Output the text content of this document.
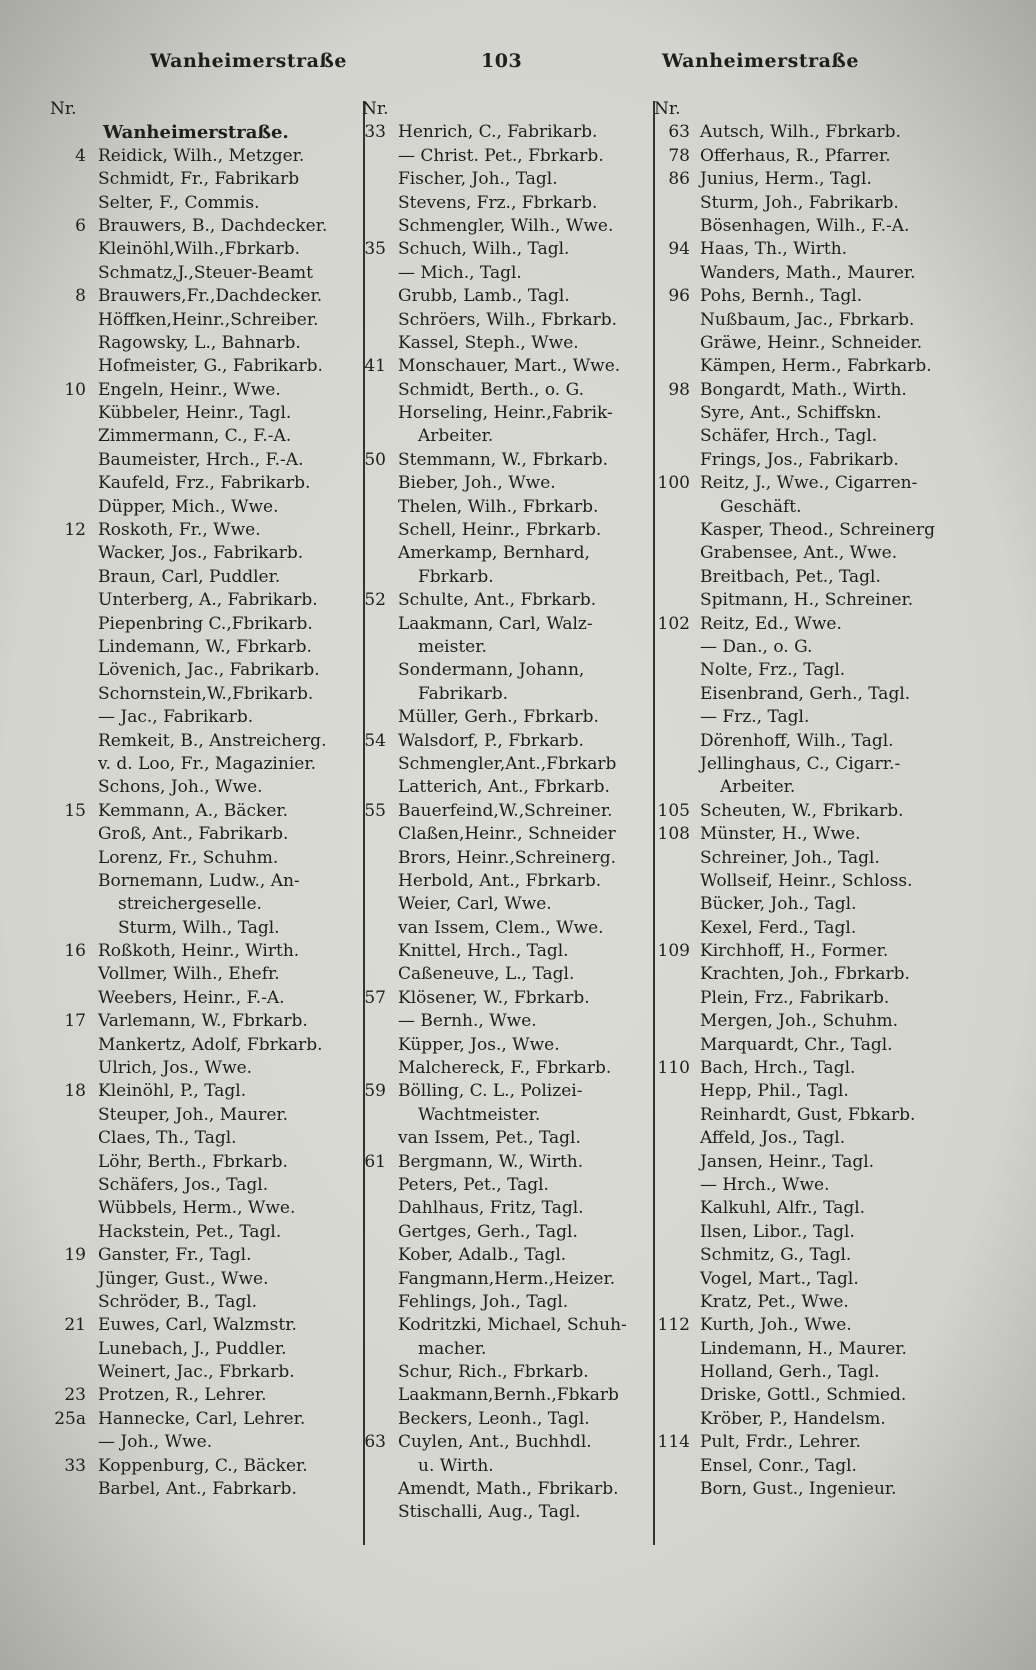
Wanheimerstraße	103	Wanheimerstraße
Nr.
Wanheimerstraße.
4 Reidick, Wilh., Metzger.
Schmidt, Fr., Fabrikarb
Selter, F., Commis.
6 Brauwers, B., Dachdecker.
Kleinöhl,Wilh.,Fbrkarb.
Schmatz,J.,Steuer-Beamt
8 Brauwers,Fr.,Dachdecker.
Höffken,Heinr.,Schreiber.
Ragowsky, L., Bahnarb.
Hofmeister, G., Fabrikarb.
10 Engeln, Heinr., Wwe.
Kübbeler, Heinr., Tagl.
Zimmermann, C., F.-A.
Baumeister, Hrch., F.-A.
Kaufeld, Frz., Fabrikarb.
Düpper, Mich., Wwe.
12 Roskoth, Fr., Wwe.
Wacker, Jos., Fabrikarb.
Braun, Carl, Puddler.
Unterberg, A., Fabrikarb.
Piepenbring C.,Fbrikarb.
Lindemann, W., Fbrkarb.
Lövenich, Jac., Fabrikarb.
Schornstein,W.,Fbrikarb.
— Jac., Fabrikarb.
Remkeit, B., Anstreicherg.
v. d. Loo, Fr., Magazinier.
Schons, Joh., Wwe.
15 Kemmann, A., Bäcker.
Groß, Ant., Fabrikarb.
Lorenz, Fr., Schuhm.
Bornemann, Ludw., An-
streichergeselle.
Sturm, Wilh., Tagl.
16 Roßkoth, Heinr., Wirth.
Vollmer, Wilh., Ehefr.
Weebers, Heinr., F.-A.
17 Varlemann, W., Fbrkarb.
Mankertz, Adolf, Fbrkarb.
Ulrich, Jos., Wwe.
18 Kleinöhl, P., Tagl.
Steuper, Joh., Maurer.
Claes, Th., Tagl.
Löhr, Berth., Fbrkarb.
Schäfers, Jos., Tagl.
Wübbels, Herm., Wwe.
Hackstein, Pet., Tagl.
19 Ganster, Fr., Tagl.
Jünger, Gust., Wwe.
Schröder, B., Tagl.
21 Euwes, Carl, Walzmstr.
Lunebach, J., Puddler.
Weinert, Jac., Fbrkarb.
23 Protzen, R., Lehrer.
25a Hannecke, Carl, Lehrer.
— Joh., Wwe.
33 Koppenburg, C., Bäcker.
Barbel, Ant., Fabrkarb.
Nr.
33 Henrich, C., Fabrikarb.
— Christ. Pet., Fbrkarb.
Fischer, Joh., Tagl.
Stevens, Frz., Fbrkarb.
Schmengler, Wilh., Wwe.
35 Schuch, Wilh., Tagl.
— Mich., Tagl.
Grubb, Lamb., Tagl.
Schröers, Wilh., Fbrkarb.
Kassel, Steph., Wwe.
41 Monschauer, Mart., Wwe.
Schmidt, Berth., o. G.
Horseling, Heinr.,Fabrik-
Arbeiter.
50 Stemmann, W., Fbrkarb.
Bieber, Joh., Wwe.
Thelen, Wilh., Fbrkarb.
Schell, Heinr., Fbrkarb.
Amerkamp, Bernhard,
Fbrkarb.
52 Schulte, Ant., Fbrkarb.
Laakmann, Carl, Walz-
meister.
Sondermann, Johann,
Fabrikarb.
Müller, Gerh., Fbrkarb.
54 Walsdorf, P., Fbrkarb.
Schmengler,Ant.,Fbrkarb
Latterich, Ant., Fbrkarb.
55 Bauerfeind,W.,Schreiner.
Claßen,Heinr., Schneider
Brors, Heinr.,Schreinerg.
Herbold, Ant., Fbrkarb.
Weier, Carl, Wwe.
van Issem, Clem., Wwe.
Knittel, Hrch., Tagl.
Caßeneuve, L., Tagl.
57 Klösener, W., Fbrkarb.
— Bernh., Wwe.
Küpper, Jos., Wwe.
Malchereck, F., Fbrkarb.
59 Bölling, C. L., Polizei-
Wachtmeister.
van Issem, Pet., Tagl.
61 Bergmann, W., Wirth.
Peters, Pet., Tagl.
Dahlhaus, Fritz, Tagl.
Gertges, Gerh., Tagl.
Kober, Adalb., Tagl.
Fangmann,Herm.,Heizer.
Fehlings, Joh., Tagl.
Kodritzki, Michael, Schuh-
macher.
Schur, Rich., Fbrkarb.
Laakmann,Bernh.,Fbkarb
Beckers, Leonh., Tagl.
63 Cuylen, Ant., Buchhdl.
u. Wirth.
Amendt, Math., Fbrikarb.
Stischalli, Aug., Tagl.
Nr.
63 Autsch, Wilh., Fbrkarb.
78 Offerhaus, R., Pfarrer.
86 Junius, Herm., Tagl.
Sturm, Joh., Fabrikarb.
Bösenhagen, Wilh., F.-A.
94 Haas, Th., Wirth.
Wanders, Math., Maurer.
96 Pohs, Bernh., Tagl.
Nußbaum, Jac., Fbrkarb.
Gräwe, Heinr., Schneider.
Kämpen, Herm., Fabrkarb.
98 Bongardt, Math., Wirth.
Syre, Ant., Schiffskn.
Schäfer, Hrch., Tagl.
Frings, Jos., Fabrikarb.
100 Reitz, J., Wwe., Cigarren-
Geschäft.
Kasper, Theod., Schreinerg
Grabensee, Ant., Wwe.
Breitbach, Pet., Tagl.
Spitmann, H., Schreiner.
102 Reitz, Ed., Wwe.
— Dan., o. G.
Nolte, Frz., Tagl.
Eisenbrand, Gerh., Tagl.
— Frz., Tagl.
Dörenhoff, Wilh., Tagl.
Jellinghaus, C., Cigarr.-
Arbeiter.
105 Scheuten, W., Fbrikarb.
108 Münster, H., Wwe.
Schreiner, Joh., Tagl.
Wollseif, Heinr., Schloss.
Bücker, Joh., Tagl.
Kexel, Ferd., Tagl.
109 Kirchhoff, H., Former.
Krachten, Joh., Fbrkarb.
Plein, Frz., Fabrikarb.
Mergen, Joh., Schuhm.
Marquardt, Chr., Tagl.
110 Bach, Hrch., Tagl.
Hepp, Phil., Tagl.
Reinhardt, Gust, Fbkarb.
Affeld, Jos., Tagl.
Jansen, Heinr., Tagl.
— Hrch., Wwe.
Kalkuhl, Alfr., Tagl.
Ilsen, Libor., Tagl.
Schmitz, G., Tagl.
Vogel, Mart., Tagl.
Kratz, Pet., Wwe.
112 Kurth, Joh., Wwe.
Lindemann, H., Maurer.
Holland, Gerh., Tagl.
Driske, Gottl., Schmied.
Kröber, P., Handelsm.
114 Pult, Frdr., Lehrer.
Ensel, Conr., Tagl.
Born, Gust., Ingenieur.
